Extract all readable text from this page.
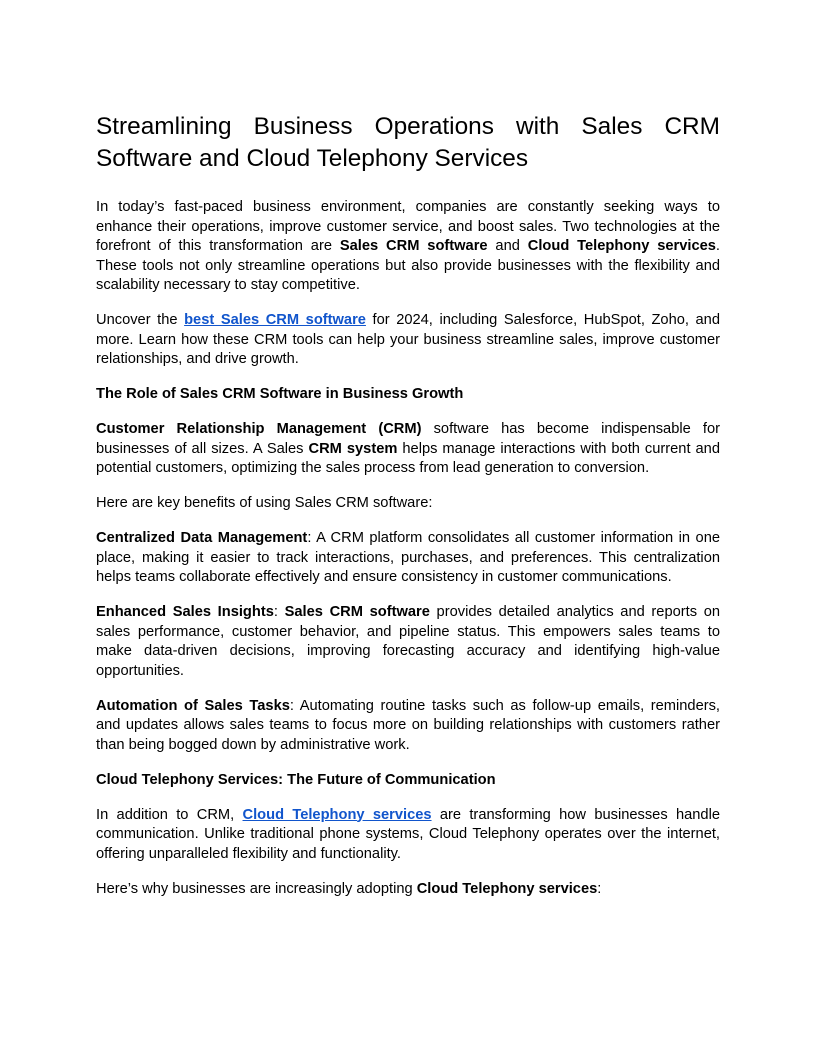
Streamlining Business Operations with Sales CRM Software and Cloud Telephony Services

In today’s fast-paced business environment, companies are constantly seeking ways to enhance their operations, improve customer service, and boost sales. Two technologies at the forefront of this transformation are Sales CRM software and Cloud Telephony services. These tools not only streamline operations but also provide businesses with the flexibility and scalability necessary to stay competitive.

Uncover the best Sales CRM software for 2024, including Salesforce, HubSpot, Zoho, and more. Learn how these CRM tools can help your business streamline sales, improve customer relationships, and drive growth.

The Role of Sales CRM Software in Business Growth

Customer Relationship Management (CRM) software has become indispensable for businesses of all sizes. A Sales CRM system helps manage interactions with both current and potential customers, optimizing the sales process from lead generation to conversion.

Here are key benefits of using Sales CRM software:

Centralized Data Management: A CRM platform consolidates all customer information in one place, making it easier to track interactions, purchases, and preferences. This centralization helps teams collaborate effectively and ensure consistency in customer communications.

Enhanced Sales Insights: Sales CRM software provides detailed analytics and reports on sales performance, customer behavior, and pipeline status. This empowers sales teams to make data-driven decisions, improving forecasting accuracy and identifying high-value opportunities.

Automation of Sales Tasks: Automating routine tasks such as follow-up emails, reminders, and updates allows sales teams to focus more on building relationships with customers rather than being bogged down by administrative work.

Cloud Telephony Services: The Future of Communication

In addition to CRM, Cloud Telephony services are transforming how businesses handle communication. Unlike traditional phone systems, Cloud Telephony operates over the internet, offering unparalleled flexibility and functionality.

Here’s why businesses are increasingly adopting Cloud Telephony services:
